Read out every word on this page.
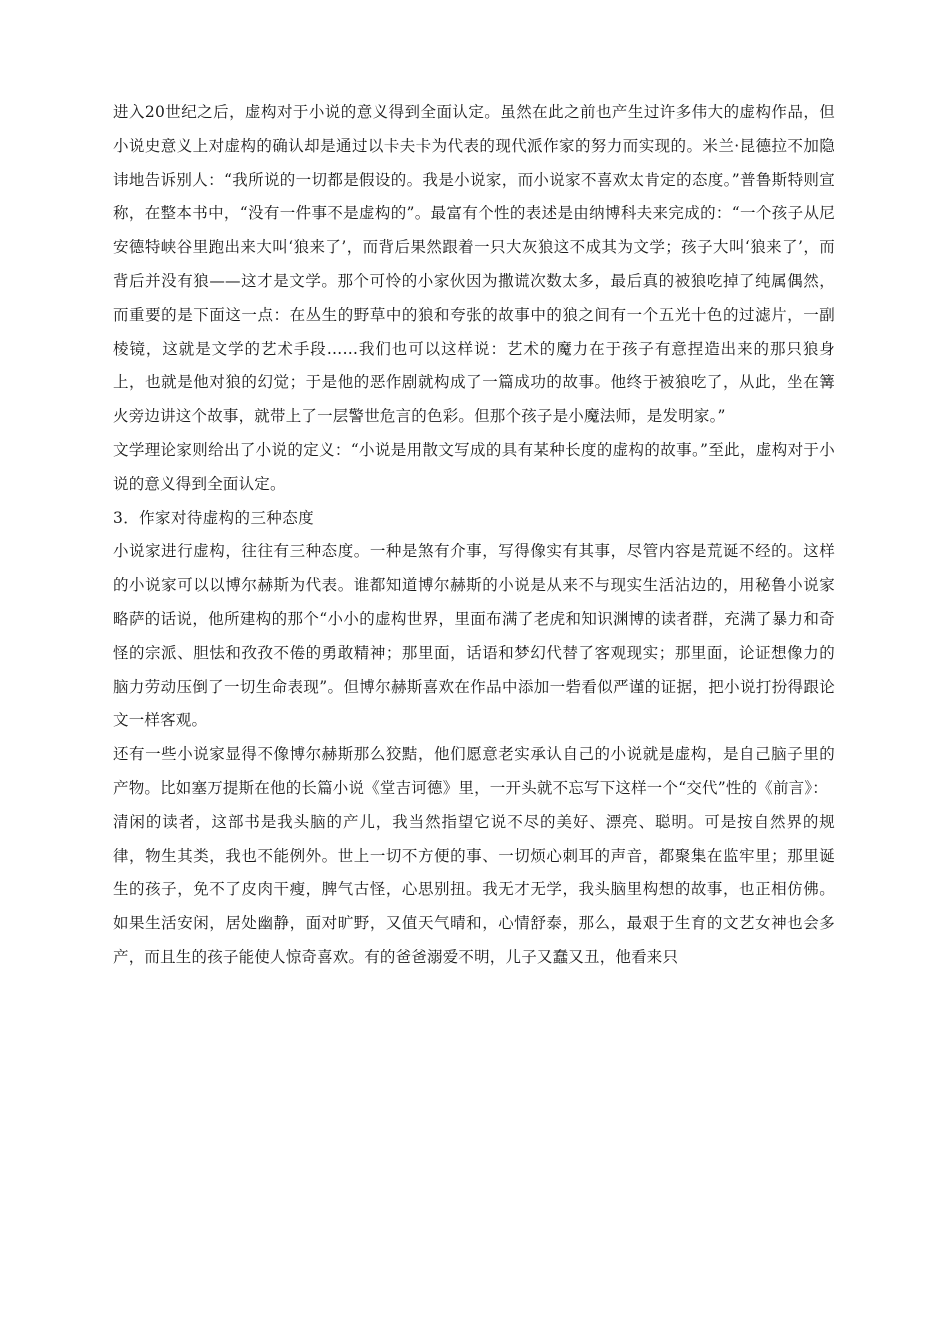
进入20世纪之后，虚构对于小说的意义得到全面认定。虽然在此之前也产生过许多伟大的虚构作品，但小说史意义上对虚构的确认却是通过以卡夫卡为代表的现代派作家的努力而实现的。米兰·昆德拉不加隐讳地告诉别人：“我所说的一切都是假设的。我是小说家，而小说家不喜欢太肯定的态度。”普鲁斯特则宣称，在整本书中，“没有一件事不是虚构的”。最富有个性的表述是由纳博科夫来完成的：“一个孩子从尼安德特峡谷里跑出来大叫‘狼来了’，而背后果然跟着一只大灰狼这不成其为文学；孩子大叫‘狼来了’，而背后并没有狼——这才是文学。那个可怜的小家伙因为撒谎次数太多，最后真的被狼吃掉了纯属偶然，而重要的是下面这一点：在丛生的野草中的狼和夸张的故事中的狼之间有一个五光十色的过滤片，一副棱镜，这就是文学的艺术手段……我们也可以这样说：艺术的魔力在于孩子有意捏造出来的那只狼身上，也就是他对狼的幻觉；于是他的恶作剧就构成了一篇成功的故事。他终于被狼吃了，从此，坐在篝火旁边讲这个故事，就带上了一层警世危言的色彩。但那个孩子是小魔法师，是发明家。”

文学理论家则给出了小说的定义：“小说是用散文写成的具有某种长度的虚构的故事。”至此，虚构对于小说的意义得到全面认定。

3．作家对待虚构的三种态度

小说家进行虚构，往往有三种态度。一种是煞有介事，写得像实有其事，尽管内容是荒诞不经的。这样的小说家可以以博尔赫斯为代表。谁都知道博尔赫斯的小说是从来不与现实生活沾边的，用秘鲁小说家略萨的话说，他所建构的那个“小小的虚构世界，里面布满了老虎和知识渊博的读者群，充满了暴力和奇怪的宗派、胆怯和孜孜不倦的勇敢精神；那里面，话语和梦幻代替了客观现实；那里面，论证想像力的脑力劳动压倒了一切生命表现”。但博尔赫斯喜欢在作品中添加一砦看似严谨的证据，把小说打扮得跟论文一样客观。

还有一些小说家显得不像博尔赫斯那么狡黠，他们愿意老实承认自己的小说就是虚构，是自己脑子里的产物。比如塞万提斯在他的长篇小说《堂吉诃德》里，一开头就不忘写下这样一个“交代”性的《前言》：

清闲的读者，这部书是我头脑的产儿，我当然指望它说不尽的美好、漂亮、聪明。可是按自然界的规律，物生其类，我也不能例外。世上一切不方便的事、一切烦心刺耳的声音，都聚集在监牢里；那里诞生的孩子，免不了皮肉干瘦，脾气古怪，心思别扭。我无才无学，我头脑里构想的故事，也正相仿佛。如果生活安闲，居处幽静，面对旷野，又值天气晴和，心情舒泰，那么，最艰于生育的文艺女神也会多产，而且生的孩子能使人惊奇喜欢。有的爸爸溺爱不明，儿子又蠢又丑，他看来只
